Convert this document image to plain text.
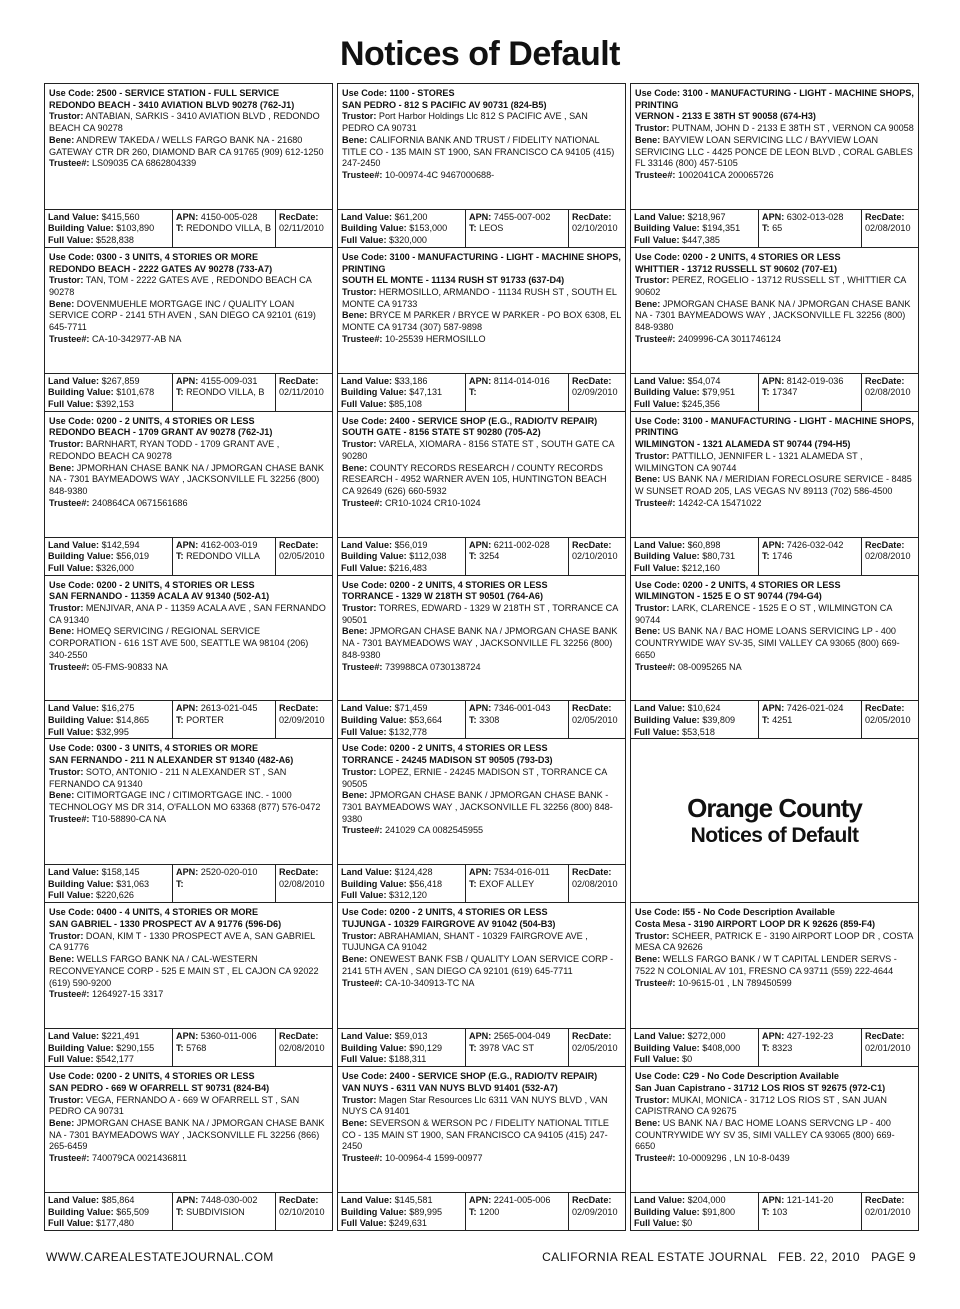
Notices of Default
Use Code: 2500 - SERVICE STATION - FULL SERVICE
REDONDO BEACH - 3410 AVIATION BLVD 90278 (762-J1)
Trustor: ANTABIAN, SARKIS - 3410 AVIATION BLVD , REDONDO BEACH CA 90278
Bene: ANDREW TAKEDA / WELLS FARGO BANK NA - 21680 GATEWAY CTR DR 260, DIAMOND BAR CA 91765 (909) 612-1250
Trustee#: LS09035 CA 6862804339
Land Value: $415,560
Building Value: $103,890
Full Value: $528,838
APN: 4150-005-028
T: REDONDO VILLA, B
RecDate:
02/11/2010
Use Code: 0300 - 3 UNITS, 4 STORIES OR MORE
REDONDO BEACH - 2222 GATES AV 90278 (733-A7)
Trustor: TAN, TOM - 2222 GATES AVE , REDONDO BEACH CA 90278
Bene: DOVENMUEHLE MORTGAGE INC / QUALITY LOAN SERVICE CORP - 2141 5TH AVEN , SAN DIEGO CA 92101 (619) 645-7711
Trustee#: CA-10-342977-AB NA
Land Value: $267,859
Building Value: $101,678
Full Value: $392,153
APN: 4155-009-031
T: REONDO VILLA, B
RecDate:
02/11/2010
Use Code: 0200 - 2 UNITS, 4 STORIES OR LESS
REDONDO BEACH - 1709 GRANT AV 90278 (762-J1)
Trustor: BARNHART, RYAN TODD - 1709 GRANT AVE , REDONDO BEACH CA 90278
Bene: JPMORHAN CHASE BANK NA / JPMORGAN CHASE BANK NA - 7301 BAYMEADOWS WAY , JACKSONVILLE FL 32256 (800) 848-9380
Trustee#: 240864CA 0671561686
Land Value: $142,594
Building Value: $56,019
Full Value: $326,000
APN: 4162-003-019
T: REDONDO VILLA
RecDate:
02/05/2010
Use Code: 0200 - 2 UNITS, 4 STORIES OR LESS
SAN FERNANDO - 11359 ACALA AV 91340 (502-A1)
Trustor: MENJIVAR, ANA P - 11359 ACALA AVE , SAN FERNANDO CA 91340
Bene: HOMEQ SERVICING / REGIONAL SERVICE CORPORATION - 616 1ST AVE 500, SEATTLE WA 98104 (206) 340-2550
Trustee#: 05-FMS-90833 NA
Land Value: $16,275
Building Value: $14,865
Full Value: $32,995
APN: 2613-021-045
T: PORTER
RecDate:
02/09/2010
Use Code: 0300 - 3 UNITS, 4 STORIES OR MORE
SAN FERNANDO - 211 N ALEXANDER ST 91340 (482-A6)
Trustor: SOTO, ANTONIO - 211 N ALEXANDER ST , SAN FERNANDO CA 91340
Bene: CITIMORTGAGE INC / CITIMORTGAGE INC. - 1000 TECHNOLOGY MS DR 314, O'FALLON MO 63368 (877) 576-0472
Trustee#: T10-58890-CA NA
Land Value: $158,145
Building Value: $31,063
Full Value: $220,626
APN: 2520-020-010
T:
RecDate:
02/08/2010
Use Code: 0400 - 4 UNITS, 4 STORIES OR MORE
SAN GABRIEL - 1330 PROSPECT AV A 91776 (596-D6)
Trustor: DOAN, KIM T - 1330 PROSPECT AVE A, SAN GABRIEL CA 91776
Bene: WELLS FARGO BANK NA / CAL-WESTERN RECONVEYANCE CORP - 525 E MAIN ST , EL CAJON CA 92022 (619) 590-9200
Trustee#: 1264927-15 3317
Land Value: $221,491
Building Value: $290,155
Full Value: $542,177
APN: 5360-011-006
T: 5768
RecDate:
02/08/2010
Use Code: 0200 - 2 UNITS, 4 STORIES OR LESS
SAN PEDRO - 669 W OFARRELL ST 90731 (824-B4)
Trustor: VEGA, FERNANDO A - 669 W OFARRELL ST , SAN PEDRO CA 90731
Bene: JPMORGAN CHASE BANK NA / JPMORGAN CHASE BANK NA - 7301 BAYMEADOWS WAY , JACKSONVILLE FL 32256 (866) 265-6459
Trustee#: 740079CA 0021436811
Land Value: $85,864
Building Value: $65,509
Full Value: $177,480
APN: 7448-030-002
T: SUBDIVISION
RecDate:
02/10/2010
Use Code: 1100 - STORES
SAN PEDRO - 812 S PACIFIC AV 90731 (824-B5)
Trustor: Port Harbor Holdings Llc 812 S PACIFIC AVE , SAN PEDRO CA 90731
Bene: CALIFORNIA BANK AND TRUST / FIDELITY NATIONAL TITLE CO - 135 MAIN ST 1900, SAN FRANCISCO CA 94105 (415) 247-2450
Trustee#: 10-00974-4C 9467000688-
Land Value: $61,200
Building Value: $153,000
Full Value: $320,000
APN: 7455-007-002
T: LEOS
RecDate:
02/10/2010
Use Code: 3100 - MANUFACTURING - LIGHT - MACHINE SHOPS, PRINTING
SOUTH EL MONTE - 11134 RUSH ST 91733 (637-D4)
Trustor: HERMOSILLO, ARMANDO - 11134 RUSH ST , SOUTH EL MONTE CA 91733
Bene: BRYCE M PARKER / BRYCE W PARKER - PO BOX 6308, EL MONTE CA 91734 (307) 587-9898
Trustee#: 10-25539 HERMOSILLO
Land Value: $33,186
Building Value: $47,131
Full Value: $85,108
APN: 8114-014-016
T:
RecDate:
02/09/2010
Use Code: 2400 - SERVICE SHOP (E.G., RADIO/TV REPAIR)
SOUTH GATE - 8156 STATE ST 90280 (705-A2)
Trustor: VARELA, XIOMARA - 8156 STATE ST , SOUTH GATE CA 90280
Bene: COUNTY RECORDS RESEARCH / COUNTY RECORDS RESEARCH - 4952 WARNER AVEN 105, HUNTINGTON BEACH CA 92649 (626) 660-5932
Trustee#: CR10-1024 CR10-1024
Land Value: $56,019
Building Value: $112,038
Full Value: $216,483
APN: 6211-002-028
T: 3254
RecDate:
02/10/2010
Use Code: 0200 - 2 UNITS, 4 STORIES OR LESS
TORRANCE - 1329 W 218TH ST 90501 (764-A6)
Trustor: TORRES, EDWARD - 1329 W 218TH ST , TORRANCE CA 90501
Bene: JPMORGAN CHASE BANK NA / JPMORGAN CHASE BANK NA - 7301 BAYMEADOWS WAY , JACKSONVILLE FL 32256 (800) 848-9380
Trustee#: 739988CA 0730138724
Land Value: $71,459
Building Value: $53,664
Full Value: $132,778
APN: 7346-001-043
T: 3308
RecDate:
02/05/2010
Use Code: 0200 - 2 UNITS, 4 STORIES OR LESS
TORRANCE - 24245 MADISON ST 90505 (793-D3)
Trustor: LOPEZ, ERNIE - 24245 MADISON ST , TORRANCE CA 90505
Bene: JPMORGAN CHASE BANK / JPMORGAN CHASE BANK - 7301 BAYMEADOWS WAY , JACKSONVILLE FL 32256 (800) 848-9380
Trustee#: 241029 CA 0082545955
Land Value: $124,428
Building Value: $56,418
Full Value: $312,120
APN: 7534-016-011
T: EXOF ALLEY
RecDate:
02/08/2010
Use Code: 0200 - 2 UNITS, 4 STORIES OR LESS
TUJUNGA - 10329 FAIRGROVE AV 91042 (504-B3)
Trustor: ABRAHAMIAN, SHANT - 10329 FAIRGROVE AVE , TUJUNGA CA 91042
Bene: ONEWEST BANK FSB / QUALITY LOAN SERVICE CORP - 2141 5TH AVEN , SAN DIEGO CA 92101 (619) 645-7711
Trustee#: CA-10-340913-TC NA
Land Value: $59,013
Building Value: $90,129
Full Value: $188,311
APN: 2565-004-049
T: 3978 VAC ST
RecDate:
02/05/2010
Use Code: 2400 - SERVICE SHOP (E.G., RADIO/TV REPAIR)
VAN NUYS - 6311 VAN NUYS BLVD 91401 (532-A7)
Trustor: Magen Star Resources Llc 6311 VAN NUYS BLVD , VAN NUYS CA 91401
Bene: SEVERSON & WERSON PC / FIDELITY NATIONAL TITLE CO - 135 MAIN ST 1900, SAN FRANCISCO CA 94105 (415) 247-2450
Trustee#: 10-00964-4 1599-00977
Land Value: $145,581
Building Value: $89,995
Full Value: $249,631
APN: 2241-005-006
T: 1200
RecDate:
02/09/2010
Use Code: 3100 - MANUFACTURING - LIGHT - MACHINE SHOPS, PRINTING
VERNON - 2133 E 38TH ST 90058 (674-H3)
Trustor: PUTNAM, JOHN D - 2133 E 38TH ST , VERNON CA 90058
Bene: BAYVIEW LOAN SERVICING LLC / BAYVIEW LOAN SERVICING LLC - 4425 PONCE DE LEON BLVD , CORAL GABLES FL 33146 (800) 457-5105
Trustee#: 1002041CA 200065726
Land Value: $218,967
Building Value: $194,351
Full Value: $447,385
APN: 6302-013-028
T: 65
RecDate:
02/08/2010
Use Code: 0200 - 2 UNITS, 4 STORIES OR LESS
WHITTIER - 13712 RUSSELL ST 90602 (707-E1)
Trustor: PEREZ, ROGELIO - 13712 RUSSELL ST , WHITTIER CA 90602
Bene: JPMORGAN CHASE BANK NA / JPMORGAN CHASE BANK NA - 7301 BAYMEADOWS WAY , JACKSONVILLE FL 32256 (800) 848-9380
Trustee#: 2409996-CA 3011746124
Land Value: $54,074
Building Value: $79,951
Full Value: $245,356
APN: 8142-019-036
T: 17347
RecDate:
02/08/2010
Use Code: 3100 - MANUFACTURING - LIGHT - MACHINE SHOPS, PRINTING
WILMINGTON - 1321 ALAMEDA ST 90744 (794-H5)
Trustor: PATTILLO, JENNIFER L - 1321 ALAMEDA ST , WILMINGTON CA 90744
Bene: US BANK NA / MERIDIAN FORECLOSURE SERVICE - 8485 W SUNSET ROAD 205, LAS VEGAS NV 89113 (702) 586-4500
Trustee#: 14242-CA 15471022
Land Value: $60,898
Building Value: $80,731
Full Value: $212,160
APN: 7426-032-042
T: 1746
RecDate:
02/08/2010
Use Code: 0200 - 2 UNITS, 4 STORIES OR LESS
WILMINGTON - 1525 E O ST 90744 (794-G4)
Trustor: LARK, CLARENCE - 1525 E O ST , WILMINGTON CA 90744
Bene: US BANK NA / BAC HOME LOANS SERVICING LP - 400 COUNTRYWIDE WAY SV-35, SIMI VALLEY CA 93065 (800) 669-6650
Trustee#: 08-0095265 NA
Land Value: $10,624
Building Value: $39,809
Full Value: $53,518
APN: 7426-021-024
T: 4251
RecDate:
02/05/2010
Orange County
Notices of Default
Use Code: I55 - No Code Description Available
Costa Mesa - 3190 AIRPORT LOOP DR K 92626 (859-F4)
Trustor: SCHEER, PATRICK E - 3190 AIRPORT LOOP DR , COSTA MESA CA 92626
Bene: WELLS FARGO BANK / W T CAPITAL LENDER SERVS - 7522 N COLONIAL AV 101, FRESNO CA 93711 (559) 222-4644
Trustee#: 10-9615-01 , LN 789450599
Land Value: $272,000
Building Value: $408,000
Full Value: $0
APN: 427-192-23
T: 8323
RecDate:
02/01/2010
Use Code: C29 - No Code Description Available
San Juan Capistrano - 31712 LOS RIOS ST 92675 (972-C1)
Trustor: MUKAI, MONICA - 31712 LOS RIOS ST , SAN JUAN CAPISTRANO CA 92675
Bene: US BANK NA / BAC HOME LOANS SERVCNG LP - 400 COUNTRYWIDE WY SV 35, SIMI VALLEY CA 93065 (800) 669-6650
Trustee#: 10-0009296 , LN 10-8-0439
Land Value: $204,000
Building Value: $91,800
Full Value: $0
APN: 121-141-20
T: 103
RecDate:
02/01/2010
WWW.CAREALESTATEJOURNAL.COM	CALIFORNIA REAL ESTATE JOURNAL   FEB. 22, 2010   PAGE 9
